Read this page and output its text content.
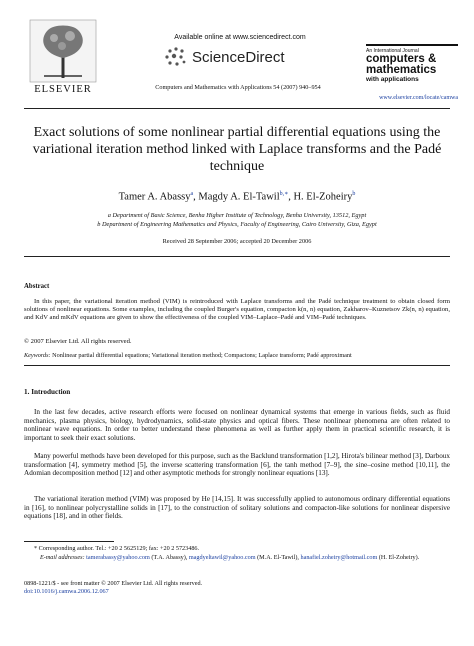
ELSEVIER
Available online at www.sciencedirect.com
ScienceDirect
Computers and Mathematics with Applications 54 (2007) 940–954
An International Journal
computers &
mathematics
with applications
www.elsevier.com/locate/camwa
Exact solutions of some nonlinear partial differential equations using the variational iteration method linked with Laplace transforms and the Padé technique
Tamer A. Abassy$^a$, Magdy A. El-Tawil$^{b,∗}$, H. El-Zoheiry$^b$
a Department of Basic Science, Benha Higher Institute of Technology, Benha University, 13512, Egypt
b Department of Engineering Mathematics and Physics, Faculty of Engineering, Cairo University, Giza, Egypt
Received 28 September 2006; accepted 20 December 2006
Abstract
In this paper, the variational iteration method (VIM) is reintroduced with Laplace transforms and the Padé technique treatment to obtain closed form solutions of nonlinear equations. Some examples, including the coupled Burger's equation, compacton k(n, n) equation, Zakharov–Kuznetsov Zk(n, n) equation, and KdV and mKdV equations are given to show the effectiveness of the coupled VIM–Laplace–Padé and VIM–Padé techniques.
© 2007 Elsevier Ltd. All rights reserved.
Keywords: Nonlinear partial differential equations; Variational iteration method; Compactons; Laplace transform; Padé approximant
1. Introduction
In the last few decades, active research efforts were focused on nonlinear dynamical systems that emerge in various fields, such as fluid mechanics, plasma physics, biology, hydrodynamics, solid-state physics and optical fibers. These nonlinear phenomena are often related to nonlinear wave equations. In order to better understand these phenomena as well as further apply them in practical scientific research, it is important to seek their exact solutions.
Many powerful methods have been developed for this purpose, such as the Backlund transformation [1,2], Hirota's bilinear method [3], Darboux transformation [4], symmetry method [5], the inverse scattering transformation [6], the tanh method [7–9], the sine–cosine method [10,11], the Adomian decomposition method [12] and other asymptotic methods for strongly nonlinear equations [13].
The variational iteration method (VIM) was proposed by He [14,15]. It was successfully applied to autonomous ordinary differential equations in [16], to nonlinear polycrystalline solids in [17], to the construction of solitary solutions and compacton-like solutions for nonlinear dispersive equations [18], and in other fields.
* Corresponding author. Tel.: +20 2 5625129; fax: +20 2 5723486.
E-mail addresses: tamerabassy@yahoo.com (T.A. Abassy), magdyeltawil@yahoo.com (M.A. El-Tawil), hanafiel.zoheiry@hotmail.com (H. El-Zoheiry).
0898-1221/$ - see front matter © 2007 Elsevier Ltd. All rights reserved.
doi:10.1016/j.camwa.2006.12.067
